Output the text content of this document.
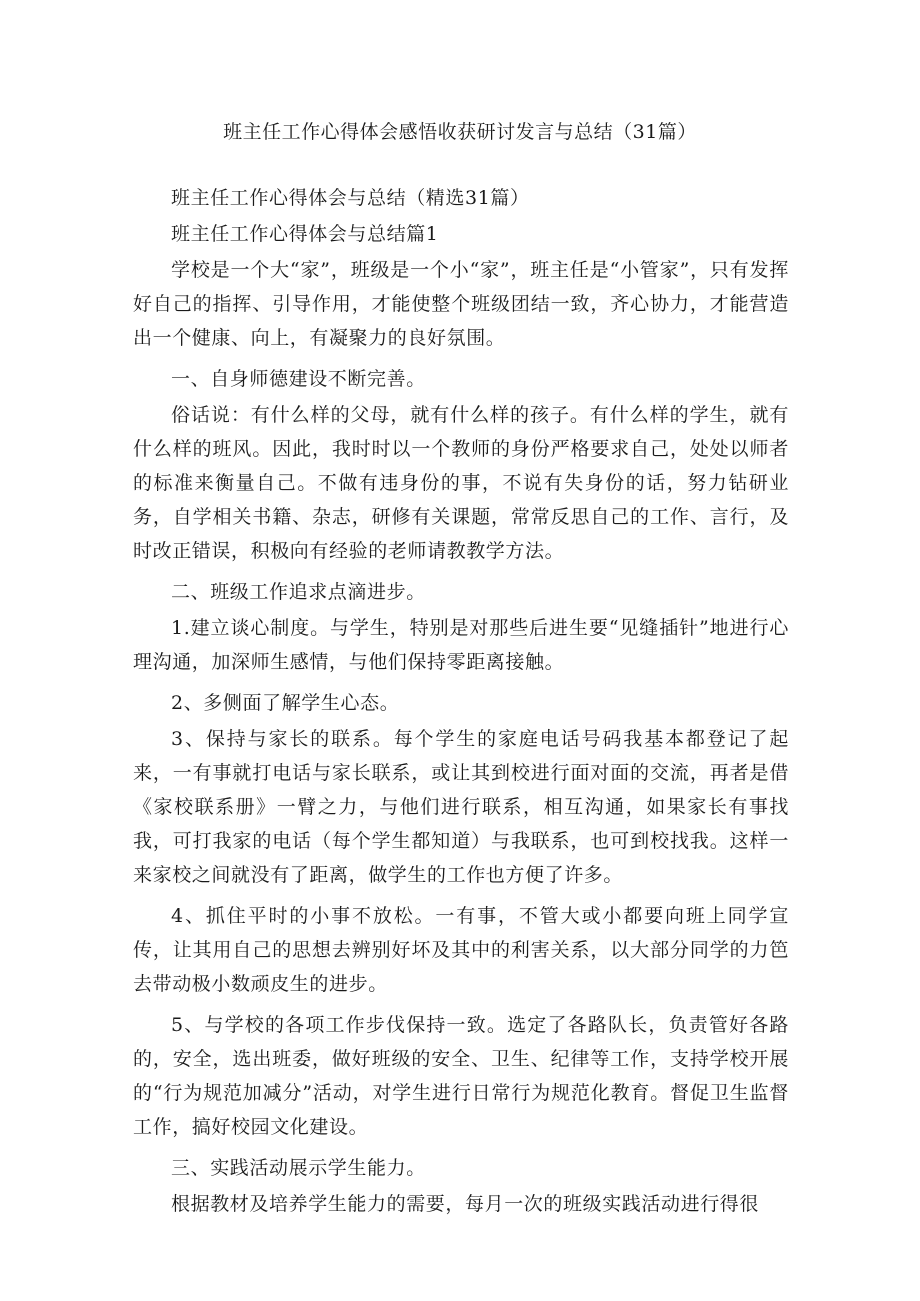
班主任工作心得体会感悟收获研讨发言与总结（31篇）

班主任工作心得体会与总结（精选31篇）

班主任工作心得体会与总结篇1

学校是一个大“家”，班级是一个小“家”，班主任是“小管家”，只有发挥好自己的指挥、引导作用，才能使整个班级团结一致，齐心协力，才能营造出一个健康、向上，有凝聚力的良好氛围。

一、自身师德建设不断完善。

俗话说：有什么样的父母，就有什么样的孩子。有什么样的学生，就有什么样的班风。因此，我时时以一个教师的身份严格要求自己，处处以师者的标准来衡量自己。不做有违身份的事，不说有失身份的话，努力钻研业务，自学相关书籍、杂志，研修有关课题，常常反思自己的工作、言行，及时改正错误，积极向有经验的老师请教教学方法。

二、班级工作追求点滴进步。

1.建立谈心制度。与学生，特别是对那些后进生要“见缝插针”地进行心理沟通，加深师生感情，与他们保持零距离接触。

2、多侧面了解学生心态。

3、保持与家长的联系。每个学生的家庭电话号码我基本都登记了起来，一有事就打电话与家长联系，或让其到校进行面对面的交流，再者是借《家校联系册》一臂之力，与他们进行联系，相互沟通，如果家长有事找我，可打我家的电话（每个学生都知道）与我联系，也可到校找我。这样一来家校之间就没有了距离，做学生的工作也方便了许多。

4、抓住平时的小事不放松。一有事，不管大或小都要向班上同学宣传，让其用自己的思想去辨别好坏及其中的利害关系，以大部分同学的力笆去带动极小数顽皮生的进步。

5、与学校的各项工作步伐保持一致。选定了各路队长，负责管好各路的，安全，选出班委，做好班级的安全、卫生、纪律等工作，支持学校开展的“行为规范加减分”活动，对学生进行日常行为规范化教育。督促卫生监督工作，搞好校园文化建设。

三、实践活动展示学生能力。

根据教材及培养学生能力的需要，每月一次的班级实践活动进行得很
